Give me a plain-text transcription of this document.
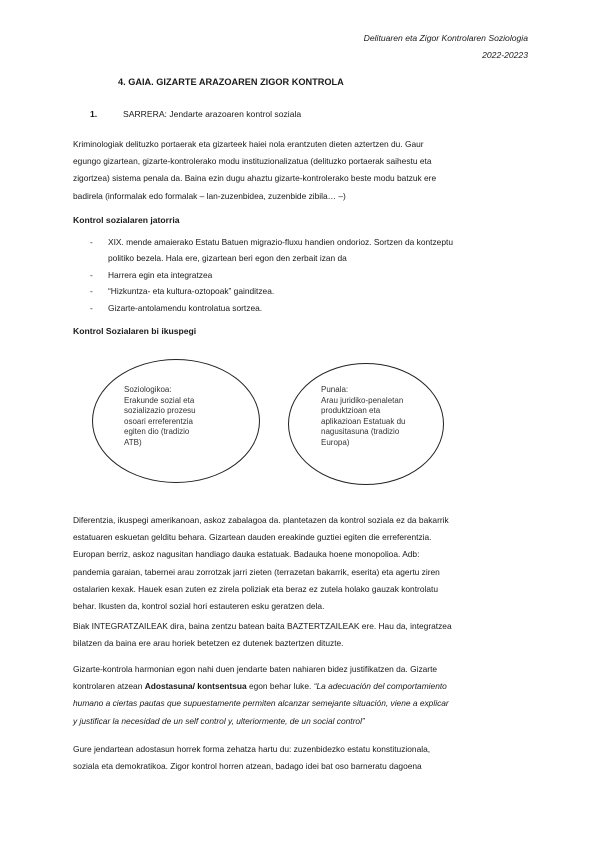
Delituaren eta Zigor Kontrolaren Soziologia
2022-20223
4. GAIA. GIZARTE ARAZOAREN ZIGOR KONTROLA
1.	SARRERA: Jendarte arazoaren kontrol soziala

Kriminologiak delituzko portaerak eta gizarteek haiei nola erantzuten dieten aztertzen du. Gaur

egungo gizartean, gizarte-kontrolerako modu instituzionalizatua (delituzko portaerak saihestu eta

zigortzea) sistema penala da. Baina ezin dugu ahaztu gizarte-kontrolerako beste modu batzuk ere

badirela (informalak edo formalak – lan-zuzenbidea, zuzenbide zibila… –)

Kontrol sozialaren jatorria
- XIX. mende amaierako Estatu Batuen migrazio-fluxu handien ondorioz. Sortzen da kontzeptu
politiko bezela. Hala ere, gizartean beri egon den zerbait izan da
- Harrera egin eta integratzea
- “Hizkuntza- eta kultura-oztopoak” gainditzea.
- Gizarte-antolamendu kontrolatua sortzea.
Kontrol Sozialaren bi ikuspegi
Soziologikoa:
Erakunde sozial eta
sozializazio prozesu
osoari erreferentzia
egiten dio (tradizio
ATB)
Punala:
Arau juridiko-penaletan
produktzioan eta
aplikazioan Estatuak du
nagusitasuna (tradizio
Europa)

Diferentzia, ikuspegi amerikanoan, askoz zabalagoa da. plantetazen da kontrol soziala ez da bakarrik

estatuaren eskuetan gelditu behara. Gizartean dauden ereakinde guztiei egiten die erreferentzia.

Europan berriz, askoz nagusitan handiago dauka estatuak. Badauka hoene monopolioa. Adb:

pandemia garaian, tabernei arau zorrotzak jarri zieten (terrazetan bakarrik, eserita) eta agertu ziren

ostalarien kexak. Hauek esan zuten ez zirela poliziak eta beraz ez zutela holako gauzak kontrolatu

behar. Ikusten da, kontrol sozial hori estauteren esku geratzen dela.

Biak INTEGRATZAILEAK dira, baina zentzu batean baita BAZTERTZAILEAK ere. Hau da, integratzea

bilatzen da baina ere arau horiek betetzen ez dutenek baztertzen dituzte.

Gizarte-kontrola harmonian egon nahi duen jendarte baten nahiaren bidez justifikatzen da. Gizarte

kontrolaren atzean Adostasuna/ kontsentsua egon behar luke. “La adecuación del comportamiento

humano a ciertas pautas que supuestamente permiten alcanzar semejante situación, viene a explicar

y justificar la necesidad de un self control y, ulteriormente, de un social control”

Gure jendartean adostasun horrek forma zehatza hartu du: zuzenbidezko estatu konstituzionala,

soziala eta demokratikoa. Zigor kontrol horren atzean, badago idei bat oso barneratu dagoena
